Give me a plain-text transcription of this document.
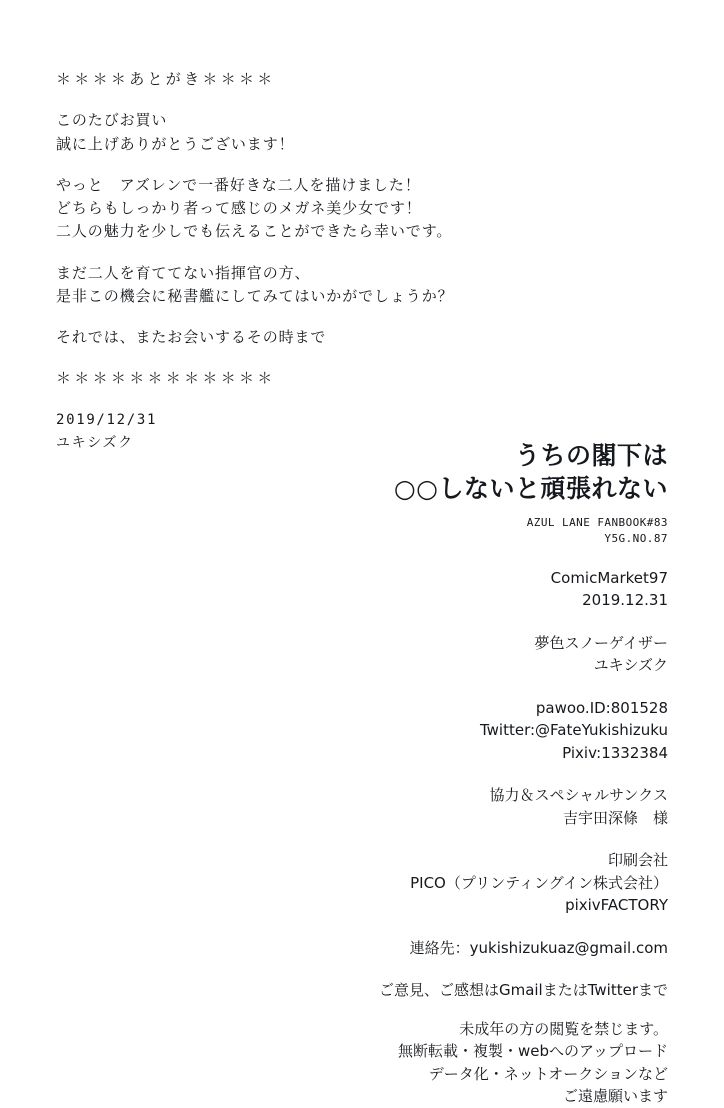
＊＊＊＊あとがき＊＊＊＊
このたびお買い
誠に上げありがとうございます！
やっと　アズレンで一番好きな二人を描けました！
どちらもしっかり者って感じのメガネ美少女です！
二人の魅力を少しでも伝えることができたら幸いです。
まだ二人を育ててない指揮官の方、
是非この機会に秘書艦にしてみてはいかがでしょうか？
それでは、またお会いするその時まで
＊＊＊＊＊＊＊＊＊＊＊＊
2019/12/31
ユキシズク	うちの閣下は
○○しないと頑張れない
AZUL LANE FANBOOK#83
Y5G.NO.87
ComicMarket97
2019.12.31
夢色スノーゲイザー
ユキシズク
pawoo.ID:801528
Twitter:@FateYukishizuku
Pixiv:1332384
協力＆スペシャルサンクス
吉宇田深條　様
印刷会社
PICO（プリンティングイン株式会社）
pixivFACTORY
連絡先：yukishizukuaz@gmail.com
ご意見、ご感想はGmailまたはTwitterまで
未成年の方の閲覧を禁じます。
無断転載・複製・webへのアップロード
データ化・ネットオークションなど
ご遠慮願います
